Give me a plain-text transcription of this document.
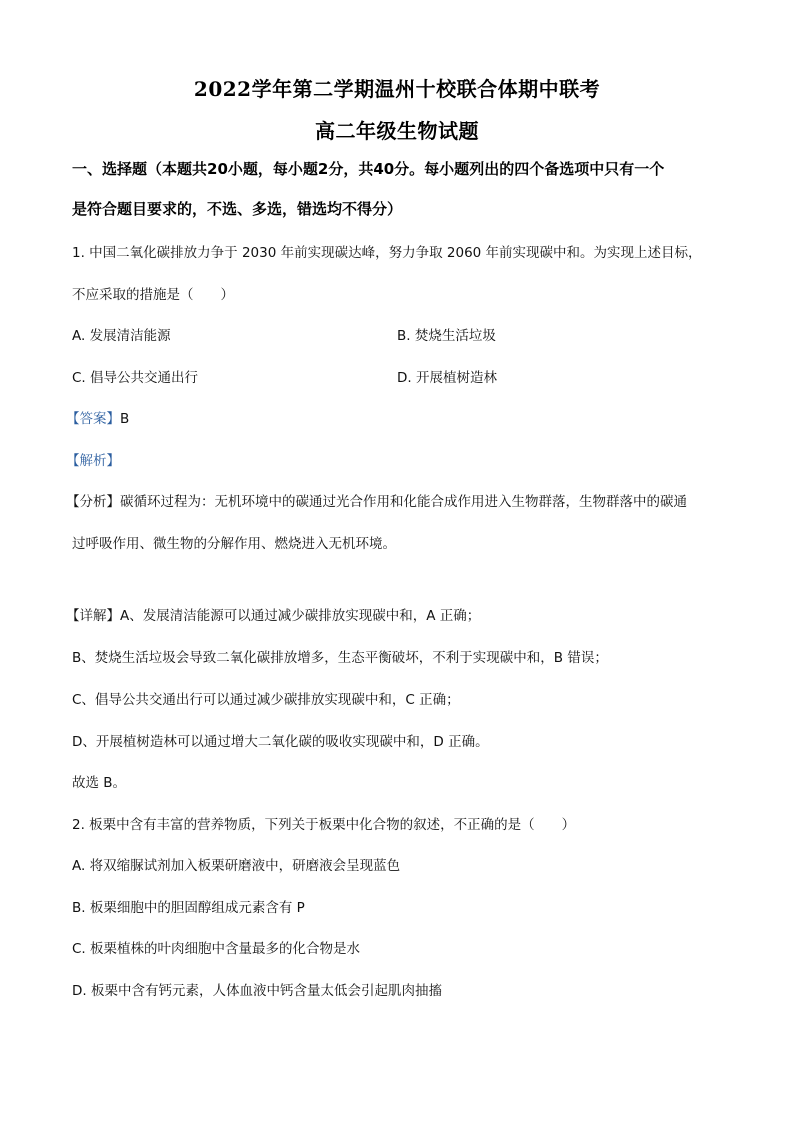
2022学年第二学期温州十校联合体期中联考
高二年级生物试题
一、选择题（本题共20小题，每小题2分，共40分。每小题列出的四个备选项中只有一个
是符合题目要求的，不选、多选，错选均不得分）
1. 中国二氧化碳排放力争于 2030 年前实现碳达峰，努力争取 2060 年前实现碳中和。为实现上述目标，
不应采取的措施是（　　）
A. 发展清洁能源	B. 焚烧生活垃圾
C. 倡导公共交通出行	D. 开展植树造林
【答案】B
【解析】
【分析】碳循环过程为：无机环境中的碳通过光合作用和化能合成作用进入生物群落，生物群落中的碳通
过呼吸作用、微生物的分解作用、燃烧进入无机环境。
【详解】A、发展清洁能源可以通过减少碳排放实现碳中和，A 正确；
B、焚烧生活垃圾会导致二氧化碳排放增多，生态平衡破坏，不利于实现碳中和，B 错误；
C、倡导公共交通出行可以通过减少碳排放实现碳中和，C 正确；
D、开展植树造林可以通过增大二氧化碳的吸收实现碳中和，D 正确。
故选 B。
2. 板栗中含有丰富的营养物质，下列关于板栗中化合物的叙述，不正确的是（　　）
A. 将双缩脲试剂加入板栗研磨液中，研磨液会呈现蓝色
B. 板栗细胞中的胆固醇组成元素含有 P
C. 板栗植株的叶肉细胞中含量最多的化合物是水
D. 板栗中含有钙元素，人体血液中钙含量太低会引起肌肉抽搐
